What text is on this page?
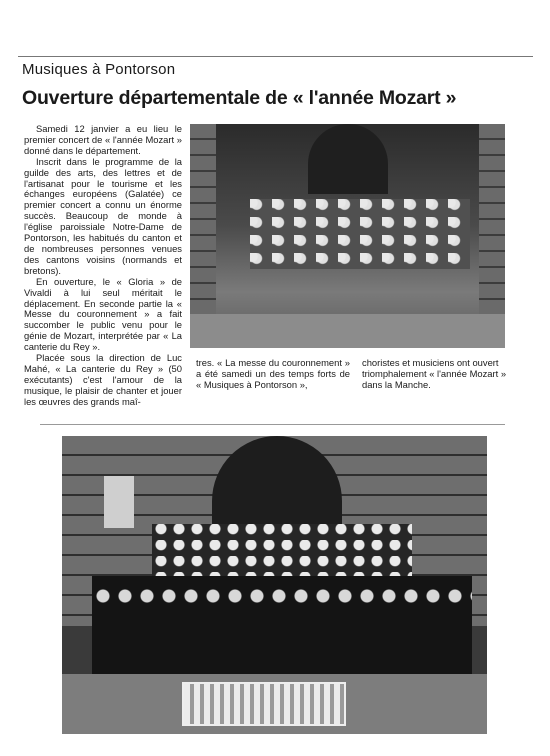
Musiques à Pontorson
Ouverture départementale de « l'année Mozart »

Samedi 12 janvier a eu lieu le premier concert de « l'année Mozart » donné dans le département.

Inscrit dans le programme de la guilde des arts, des lettres et de l'artisanat pour le tourisme et les échanges européens (Galatée) ce premier concert a connu un énorme succès. Beaucoup de monde à l'église paroissiale Notre-Dame de Pontorson, les habitués du canton et de nombreuses personnes venues des cantons voisins (normands et bretons).

En ouverture, le « Gloria » de Vivaldi à lui seul méritait le déplacement. En seconde partie la « Messe du couronnement » a fait succomber le public venu pour le génie de Mozart, interprétée par « La canterie du Rey ».

Placée sous la direction de Luc Mahé, « La canterie du Rey » (50 exécutants) c'est l'amour de la musique, le plaisir de chanter et jouer les œuvres des grands maî-

tres. « La messe du couronnement » a été samedi un des temps forts de « Musiques à Pontorson »,

choristes et musiciens ont ouvert triomphalement « l'année Mozart » dans la Manche.
